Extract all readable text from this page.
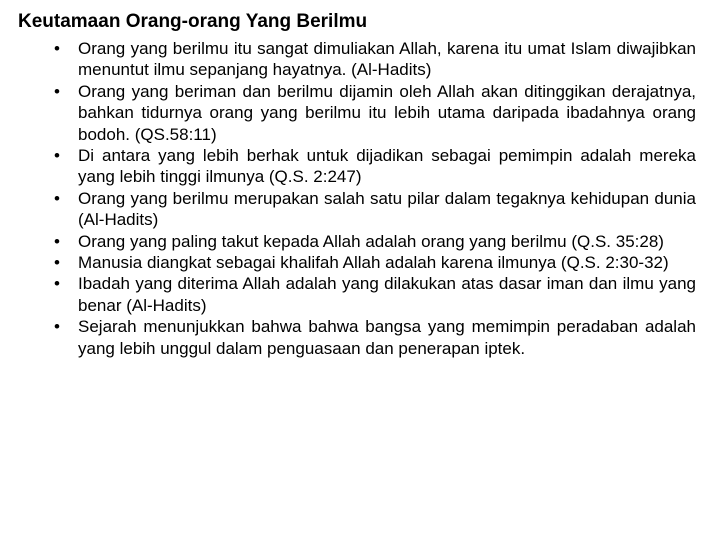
Keutamaan Orang-orang Yang Berilmu
•	Orang yang berilmu itu sangat dimuliakan Allah, karena itu umat Islam diwajibkan menuntut ilmu sepanjang hayatnya. (Al-Hadits)
•	Orang yang beriman dan berilmu dijamin oleh Allah akan ditinggikan derajatnya, bahkan tidurnya orang yang berilmu itu lebih utama daripada ibadahnya orang bodoh. (QS.58:11)
•	Di antara yang lebih berhak untuk dijadikan sebagai pemimpin adalah mereka yang lebih tinggi ilmunya (Q.S. 2:247)
•	Orang yang berilmu merupakan salah satu pilar dalam tegaknya kehidupan dunia (Al-Hadits)
•	Orang yang paling takut kepada Allah adalah orang yang berilmu (Q.S. 35:28)
•	Manusia diangkat sebagai khalifah Allah adalah karena ilmunya (Q.S. 2:30-32)
•	Ibadah yang diterima Allah adalah yang dilakukan atas dasar iman dan ilmu yang benar (Al-Hadits)
•	Sejarah menunjukkan bahwa bahwa bangsa yang memimpin peradaban adalah yang lebih unggul dalam penguasaan dan penerapan iptek.
